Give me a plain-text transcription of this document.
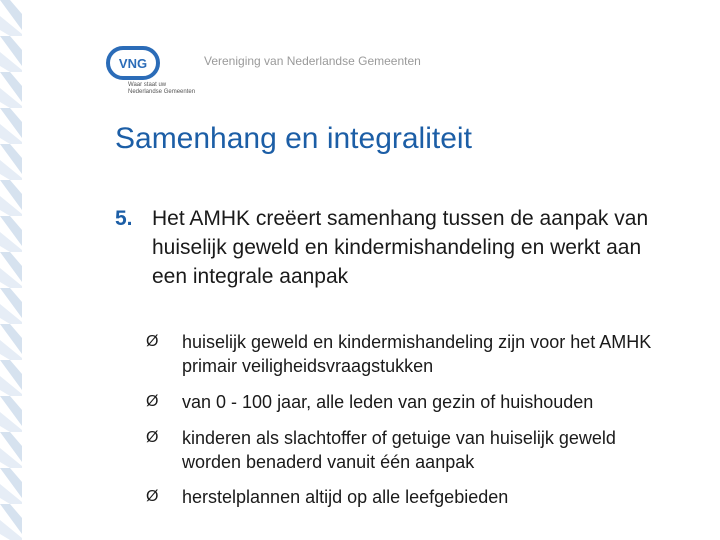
VNG
Waar staat uw
Nederlandse Gemeenten
Vereniging van Nederlandse Gemeenten
Samenhang en integraliteit
5. Het AMHK creëert samenhang tussen de aanpak van huiselijk geweld en kindermishandeling en werkt aan een integrale aanpak
Ø	huiselijk geweld en kindermishandeling zijn voor het AMHK primair veiligheidsvraagstukken
Ø	van 0 - 100 jaar, alle leden van gezin of huishouden
Ø	kinderen als slachtoffer of getuige van huiselijk geweld worden benaderd vanuit één aanpak
Ø	herstelplannen altijd op alle leefgebieden
